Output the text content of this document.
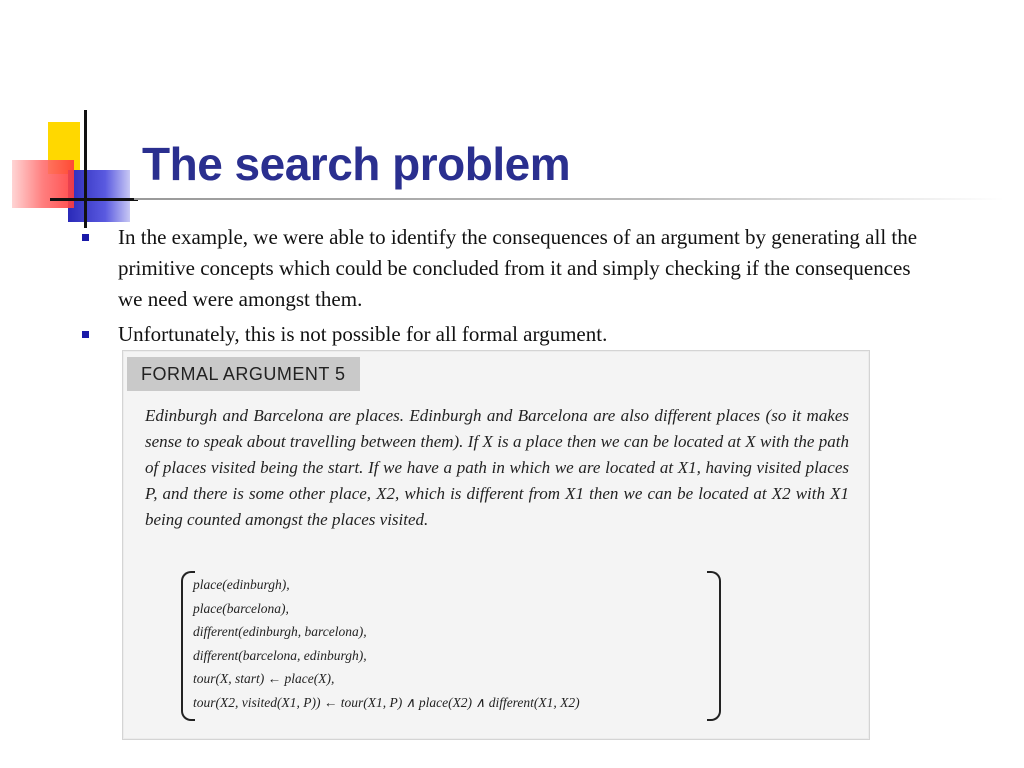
The search problem
In the example, we were able to identify the consequences of an argument by generating all the primitive concepts which could be concluded from it and simply checking if the consequences we need were amongst them.
Unfortunately, this is not possible for all formal argument.
FORMAL ARGUMENT 5

Edinburgh and Barcelona are places. Edinburgh and Barcelona are also different places (so it makes sense to speak about travelling between them). If X is a place then we can be located at X with the path of places visited being the start. If we have a path in which we are located at X1, having visited places P, and there is some other place, X2, which is different from X1 then we can be located at X2 with X1 being counted amongst the places visited.

place(edinburgh),
place(barcelona),
different(edinburgh, barcelona),
different(barcelona, edinburgh),
tour(X, start) ← place(X),
tour(X2, visited(X1, P)) ← tour(X1, P) ∧ place(X2) ∧ different(X1, X2)
